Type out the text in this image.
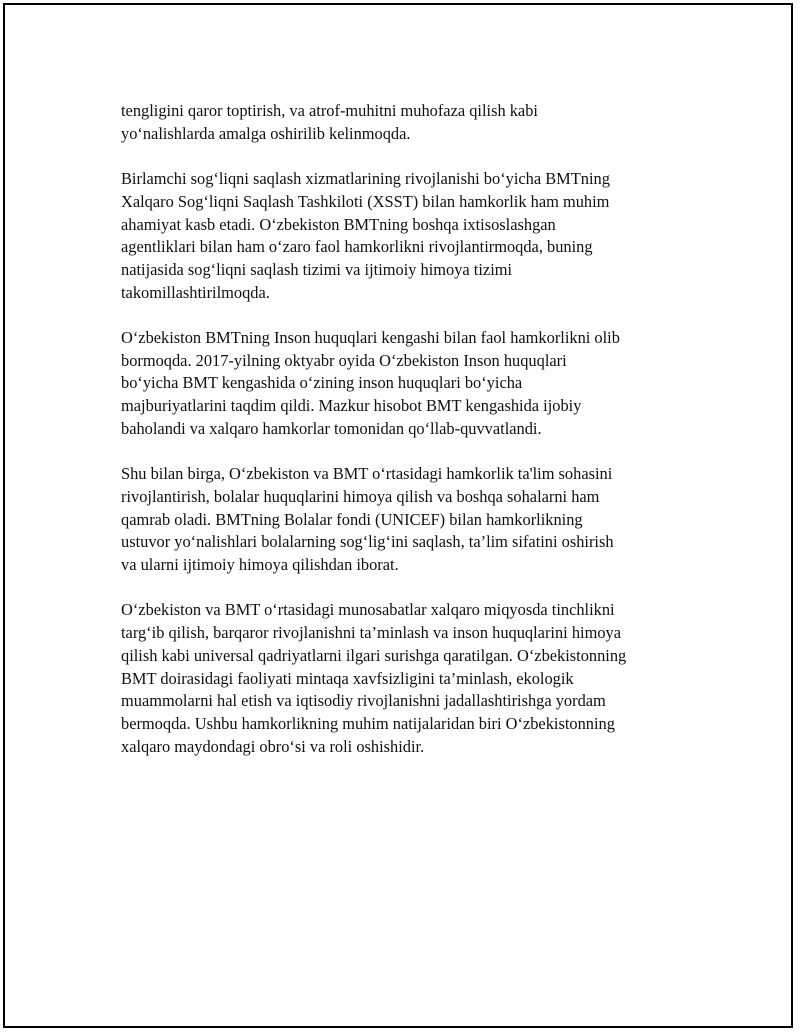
tengligini qaror toptirish, va atrof-muhitni muhofaza qilish kabi
yo‘nalishlarda amalga oshirilib kelinmoqda.

Birlamchi sog‘liqni saqlash xizmatlarining rivojlanishi bo‘yicha BMTning
Xalqaro Sog‘liqni Saqlash Tashkiloti (XSST) bilan hamkorlik ham muhim
ahamiyat kasb etadi. O‘zbekiston BMTning boshqa ixtisoslashgan
agentliklari bilan ham o‘zaro faol hamkorlikni rivojlantirmoqda, buning
natijasida sog‘liqni saqlash tizimi va ijtimoiy himoya tizimi
takomillashtirilmoqda.

O‘zbekiston BMTning Inson huquqlari kengashi bilan faol hamkorlikni olib
bormoqda. 2017-yilning oktyabr oyida O‘zbekiston Inson huquqlari
bo‘yicha BMT kengashida o‘zining inson huquqlari bo‘yicha
majburiyatlarini taqdim qildi. Mazkur hisobot BMT kengashida ijobiy
baholandi va xalqaro hamkorlar tomonidan qo‘llab-quvvatlandi.

Shu bilan birga, O‘zbekiston va BMT o‘rtasidagi hamkorlik ta'lim sohasini
rivojlantirish, bolalar huquqlarini himoya qilish va boshqa sohalarni ham
qamrab oladi. BMTning Bolalar fondi (UNICEF) bilan hamkorlikning
ustuvor yo‘nalishlari bolalarning sog‘lig‘ini saqlash, ta’lim sifatini oshirish
va ularni ijtimoiy himoya qilishdan iborat.

O‘zbekiston va BMT o‘rtasidagi munosabatlar xalqaro miqyosda tinchlikni
targ‘ib qilish, barqaror rivojlanishni ta’minlash va inson huquqlarini himoya
qilish kabi universal qadriyatlarni ilgari surishga qaratilgan. O‘zbekistonning
BMT doirasidagi faoliyati mintaqa xavfsizligini ta’minlash, ekologik
muammolarni hal etish va iqtisodiy rivojlanishni jadallashtirishga yordam
bermoqda. Ushbu hamkorlikning muhim natijalaridan biri O‘zbekistonning
xalqaro maydondagi obro‘si va roli oshishidir.
